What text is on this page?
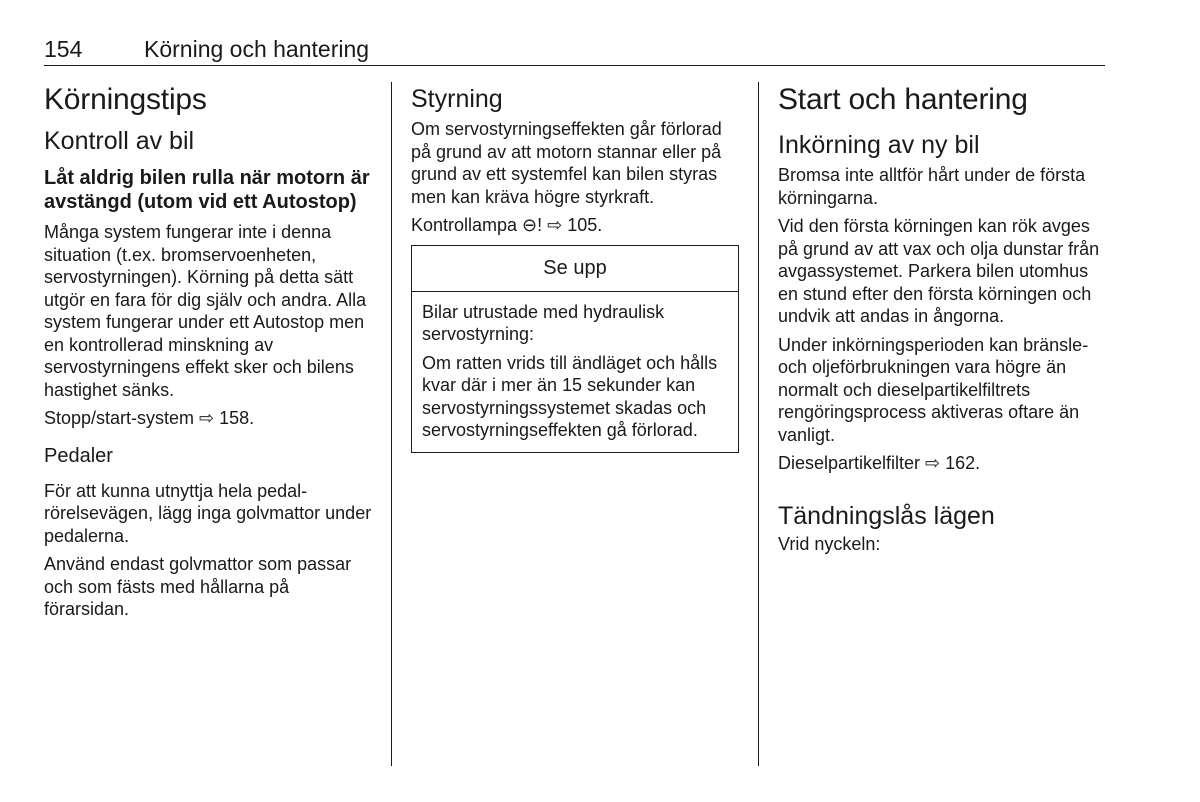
154	Körning och hantering
Körningstips
Kontroll av bil
Låt aldrig bilen rulla när motorn är avstängd (utom vid ett Autostop)

Många system fungerar inte i denna situation (t.ex. bromservoenheten, servostyrningen). Körning på detta sätt utgör en fara för dig själv och andra. Alla system fungerar under ett Autostop men en kontrollerad minskning av servostyrningens effekt sker och bilens hastighet sänks.

Stopp/start-system ⇨ 158.

Pedaler

För att kunna utnyttja hela pedalrörelsevägen, lägg inga golvmattor under pedalerna.

Använd endast golvmattor som passar och som fästs med hållarna på förarsidan.

Styrning

Om servostyrningseffekten går förlorad på grund av att motorn stannar eller på grund av ett systemfel kan bilen styras men kan kräva högre styrkraft.

Kontrollampa ⊖! ⇨ 105.

Se upp

Bilar utrustade med hydraulisk servostyrning:

Om ratten vrids till ändläget och hålls kvar där i mer än 15 sekunder kan servostyrningssystemet skadas och servostyrningseffekten gå förlorad.

Start och hantering
Inkörning av ny bil

Bromsa inte alltför hårt under de första körningarna.

Vid den första körningen kan rök avges på grund av att vax och olja dunstar från avgassystemet. Parkera bilen utomhus en stund efter den första körningen och undvik att andas in ångorna.

Under inkörningsperioden kan bränsle- och oljeförbrukningen vara högre än normalt och dieselpartikelfiltrets rengöringsprocess aktiveras oftare än vanligt.

Dieselpartikelfilter ⇨ 162.

Tändningslås lägen

Vrid nyckeln:
